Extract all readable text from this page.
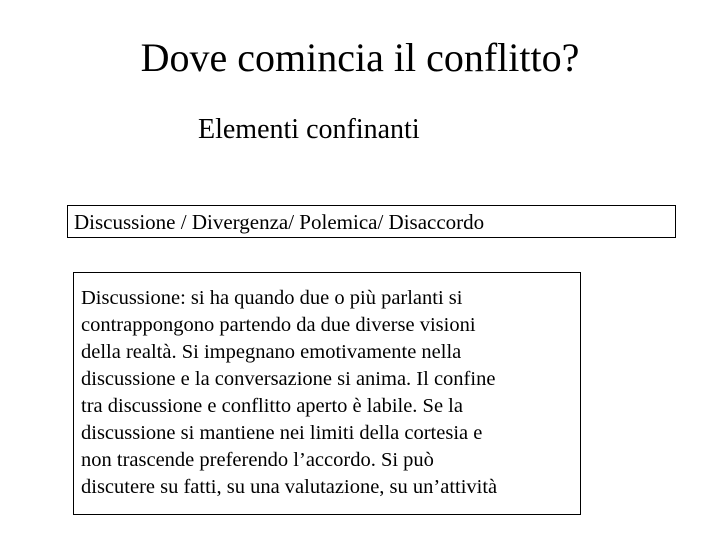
Dove comincia il conflitto?
Elementi confinanti
Discussione / Divergenza/ Polemica/ Disaccordo
Discussione: si ha quando due o più parlanti si
contrappongono partendo da due diverse visioni
della realtà. Si impegnano emotivamente nella
discussione e la conversazione si anima. Il confine
tra discussione e conflitto aperto è labile. Se la
discussione si mantiene nei limiti della cortesia e
non trascende preferendo l’accordo. Si può
discutere su fatti, su una valutazione, su un’attività
